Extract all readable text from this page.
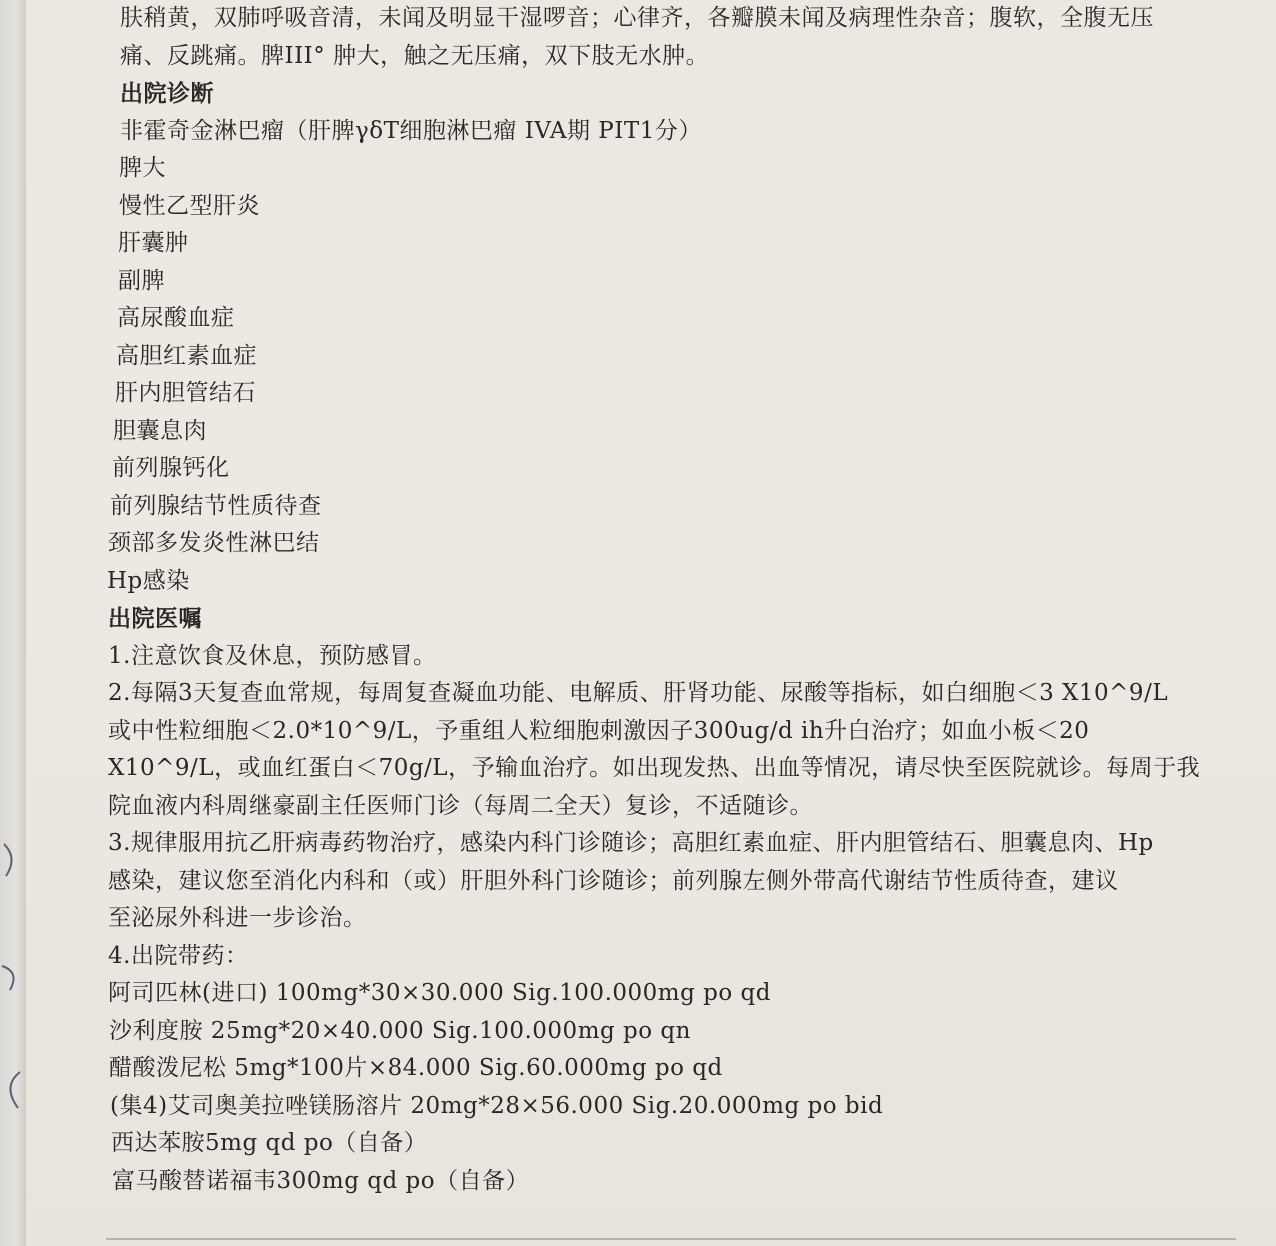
肤稍黄，双肺呼吸音清，未闻及明显干湿啰音；心律齐，各瓣膜未闻及病理性杂音；腹软，全腹无压
痛、反跳痛。脾III° 肿大，触之无压痛，双下肢无水肿。
出院诊断
非霍奇金淋巴瘤（肝脾γδT细胞淋巴瘤 IVA期 PIT1分）
脾大
慢性乙型肝炎
肝囊肿
副脾
高尿酸血症
高胆红素血症
肝内胆管结石
胆囊息肉
前列腺钙化
前列腺结节性质待查
颈部多发炎性淋巴结
Hp感染
出院医嘱
1.注意饮食及休息，预防感冒。
2.每隔3天复查血常规，每周复查凝血功能、电解质、肝肾功能、尿酸等指标，如白细胞＜3 X10^9/L
或中性粒细胞＜2.0*10^9/L，予重组人粒细胞刺激因子300ug/d ih升白治疗；如血小板＜20
X10^9/L，或血红蛋白＜70g/L，予输血治疗。如出现发热、出血等情况，请尽快至医院就诊。每周于我
院血液内科周继豪副主任医师门诊（每周二全天）复诊，不适随诊。
3.规律服用抗乙肝病毒药物治疗，感染内科门诊随诊；高胆红素血症、肝内胆管结石、胆囊息肉、Hp
感染，建议您至消化内科和（或）肝胆外科门诊随诊；前列腺左侧外带高代谢结节性质待查，建议
至泌尿外科进一步诊治。
4.出院带药：
阿司匹林(进口) 100mg*30×30.000 Sig.100.000mg po qd
沙利度胺 25mg*20×40.000 Sig.100.000mg po qn
醋酸泼尼松 5mg*100片×84.000 Sig.60.000mg po qd
(集4)艾司奥美拉唑镁肠溶片 20mg*28×56.000 Sig.20.000mg po bid
西达苯胺5mg qd po（自备）
富马酸替诺福韦300mg qd po（自备）
